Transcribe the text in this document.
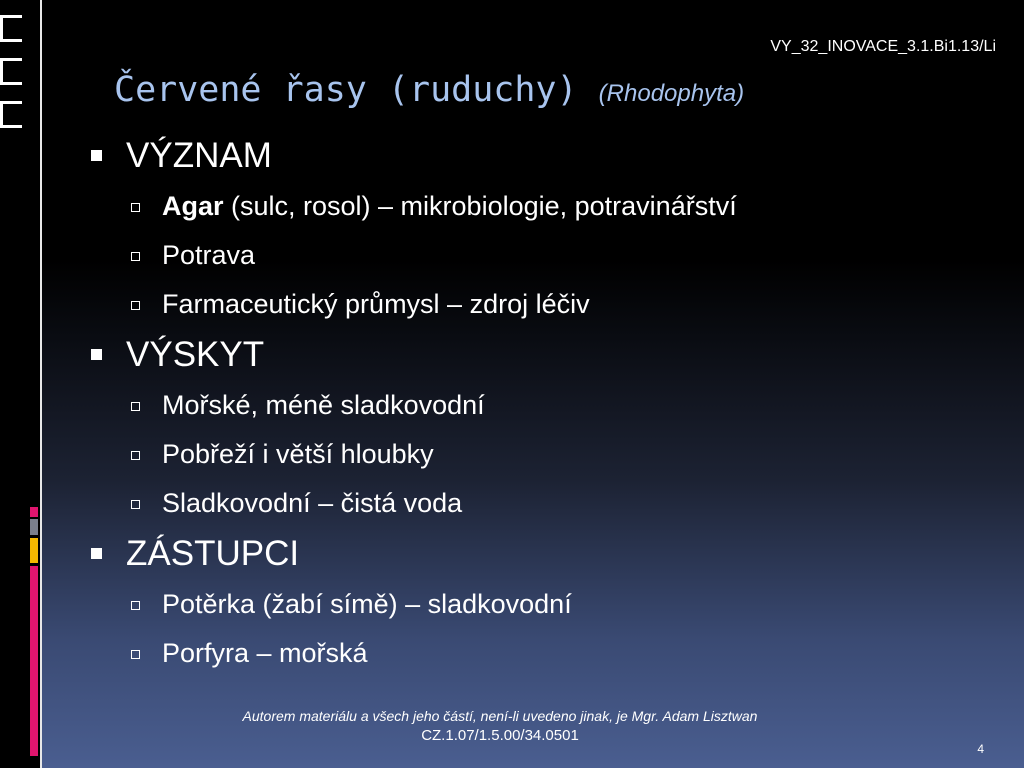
VY_32_INOVACE_3.1.Bi1.13/Li
Červené řasy (ruduchy) (Rhodophyta)
VÝZNAM
Agar (sulc, rosol) – mikrobiologie, potravinářství
Potrava
Farmaceutický průmysl – zdroj léčiv
VÝSKYT
Mořské, méně sladkovodní
Pobřeží i větší hloubky
Sladkovodní – čistá voda
ZÁSTUPCI
Potěrka (žabí símě) – sladkovodní
Porfyra – mořská
Autorem materiálu a všech jeho částí, není-li uvedeno jinak, je Mgr. Adam Lisztwan
CZ.1.07/1.5.00/34.0501
4
